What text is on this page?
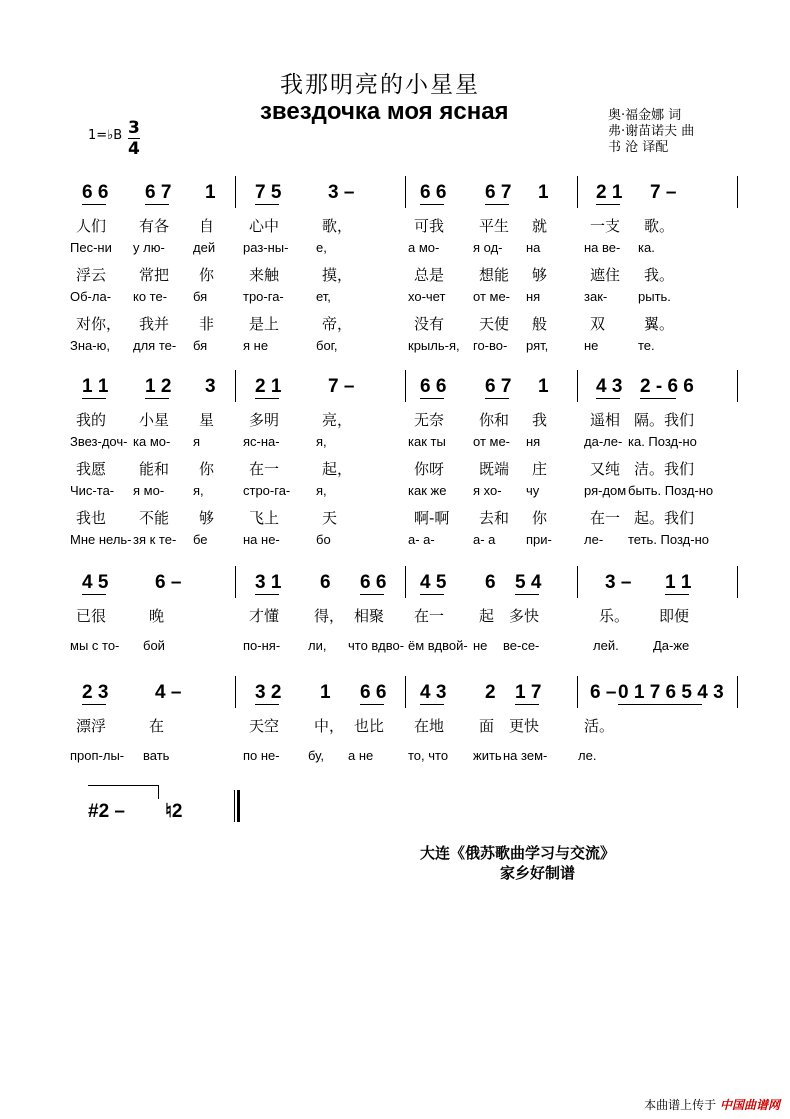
我那明亮的小星星
звездочка моя ясная	奥·福金娜 词
弗·谢苗诺夫 曲
书 沧 译配
1=♭B $\frac{3}{4}$
6 6 6 7 1 7 5 3 –	6 6 6 7 1 2 1 7 –
人们 有各 自 心中	歌，	可我 平生 就	一支 歌。
Пес-ни у лю- дей раз-ны- е,	а мо-	я од- на	на ве- ка.
浮云 常把 你 来触	摸，	总是 想能 够	遮住 我。
Об-ла- ко те- бя	тро-га- ет,	хо-чет от ме- ня	зак- рыть.
对你， 我并 非 是上	帝，	没有 天使 般	双	翼。
Зна-ю, для те- бя	я не	бог,	крыль-я, го-во- рят,	не	те.
1 1 1 2 3 2 1 7 –	6 6 6 7 1 4 3 2 - 6 6
我的 小星 星 多明	亮，	无奈 你和 我	遥相 隔。我们
Звез-доч- ка мо- я	яс-на-	я,	как ты от ме- ня	да-ле- ка. Позд-но
我愿 能和 你 在一	起，	你呀 既端 庄	又纯 洁。我们
Чис-та- я мо- я,	стро-га- я,	как же я хо- чу	ря-дом быть. Позд-но
我也 不能 够 飞上	天	啊-啊 去和 你	在一 起。我们
Мне нель- зя к те- бе	на не-	бо	а- а-	а- а при- ле- теть. Позд-но
4 5 6 –	3 1 6 6 6 4 5 6 5 4	3 – 1 1
已很	晚	才懂 得， 相聚 在一 起 多快	乐。 即便
мы с то- бой	по-ня- ли, что вдво- ём вдвой- не ве-се-	лей.	Да-же
2 3 4 –	3 2 1 6 6 4 3 2 1 7	6 – 0 1 7 6 5 4 3
漂浮	在	天空 中， 也比 在地 面 更快	活。
проп-лы- вать	по не- бу, а не	то, что жить на зем- ле.
#2 – ♮2
大连《俄苏歌曲学习与交流》
家乡好制谱
本曲谱上传于 中国曲谱网
